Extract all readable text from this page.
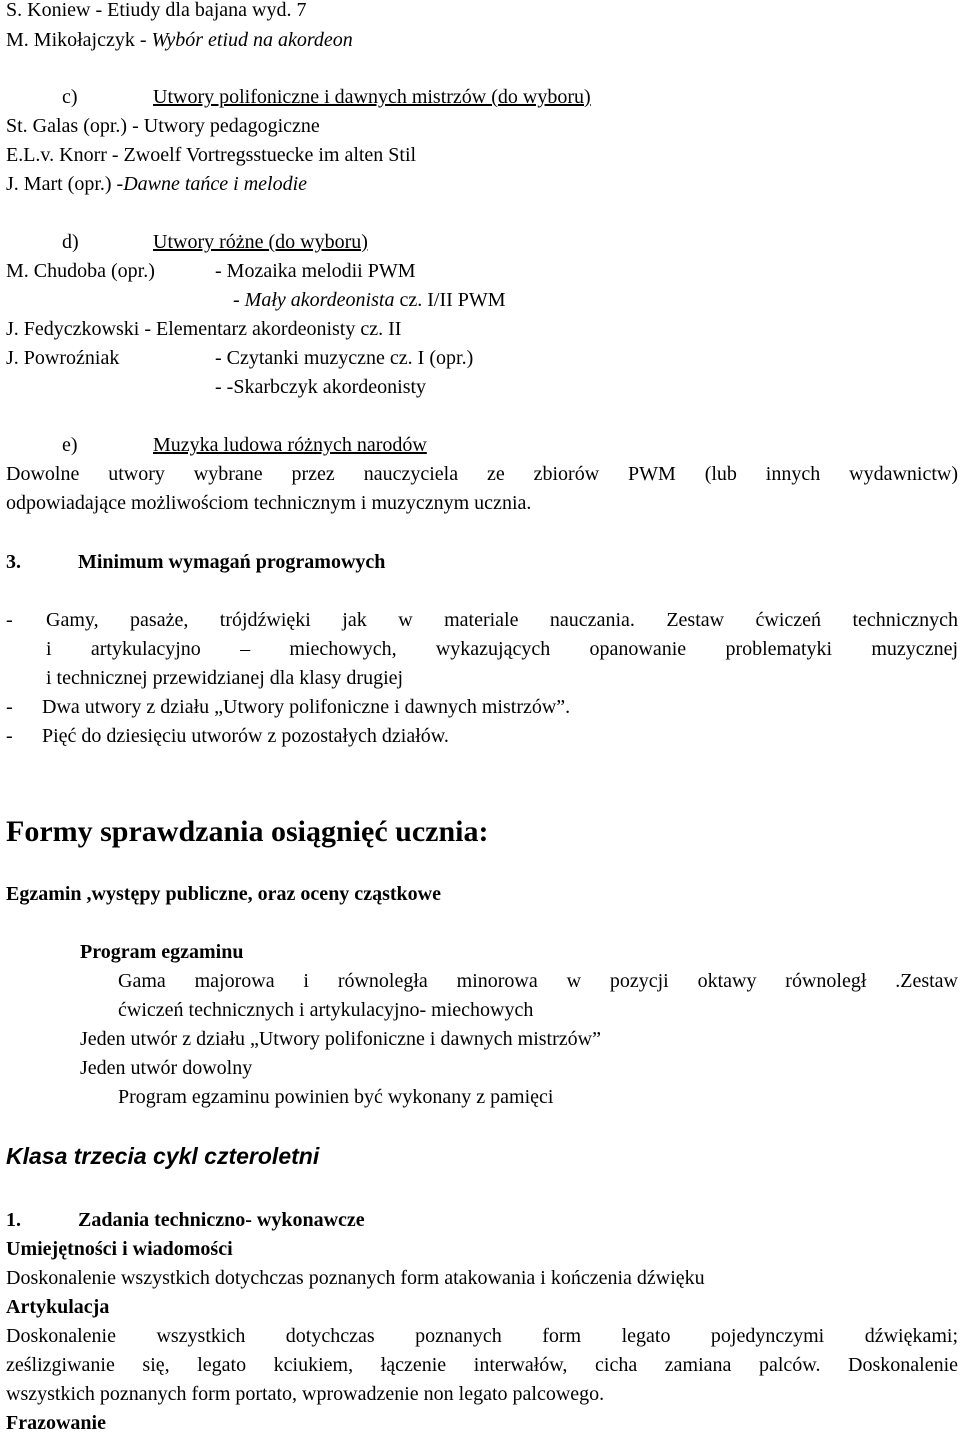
S. Koniew - Etiudy dla bajana wyd. 7
M. Mikołajczyk - Wybór etiud na akordeon
c)	Utwory polifoniczne i dawnych mistrzów (do wyboru)
St. Galas (opr.) - Utwory pedagogiczne
E.L.v. Knorr - Zwoelf Vortregsstuecke im alten Stil
J. Mart (opr.) -Dawne tańce i melodie
d)	Utwory różne (do wyboru)
M. Chudoba (opr.)	- Mozaika melodii PWM
- Mały akordeonista cz. I/II PWM
J. Fedyczkowski - Elementarz akordeonisty cz. II
J. Powroźniak	- Czytanki muzyczne cz. I (opr.)
- -Skarbczyk akordeonisty
e)	Muzyka ludowa różnych narodów
Dowolne utwory wybrane przez nauczyciela ze zbiorów PWM (lub innych wydawnictw)
odpowiadające możliwościom technicznym i muzycznym ucznia.
3.	Minimum wymagań programowych
- Gamy, pasaże, trójdźwięki jak w materiale nauczania. Zestaw ćwiczeń technicznych
i artykulacyjno – miechowych, wykazujących opanowanie problematyki muzycznej
i technicznej przewidzianej dla klasy drugiej
- Dwa utwory z działu „Utwory polifoniczne i dawnych mistrzów”.
- Pięć do dziesięciu utworów z pozostałych działów.
Formy sprawdzania osiągnięć ucznia:
Egzamin ,występy publiczne, oraz oceny cząstkowe
Program egzaminu
Gama majorowa i równoległa minorowa w pozycji oktawy równoległ .Zestaw
ćwiczeń technicznych i artykulacyjno- miechowych
Jeden utwór z działu „Utwory polifoniczne i dawnych mistrzów”
Jeden utwór dowolny
Program egzaminu powinien być wykonany z pamięci
Klasa trzecia cykl czteroletni
1.	Zadania techniczno- wykonawcze
Umiejętności i wiadomości
Doskonalenie wszystkich dotychczas poznanych form atakowania i kończenia dźwięku
Artykulacja
Doskonalenie wszystkich dotychczas poznanych form legato pojedynczymi dźwiękami;
ześlizgiwanie się, legato kciukiem, łączenie interwałów, cicha zamiana palców. Doskonalenie
wszystkich poznanych form portato, wprowadzenie non legato palcowego.
Frazowanie
